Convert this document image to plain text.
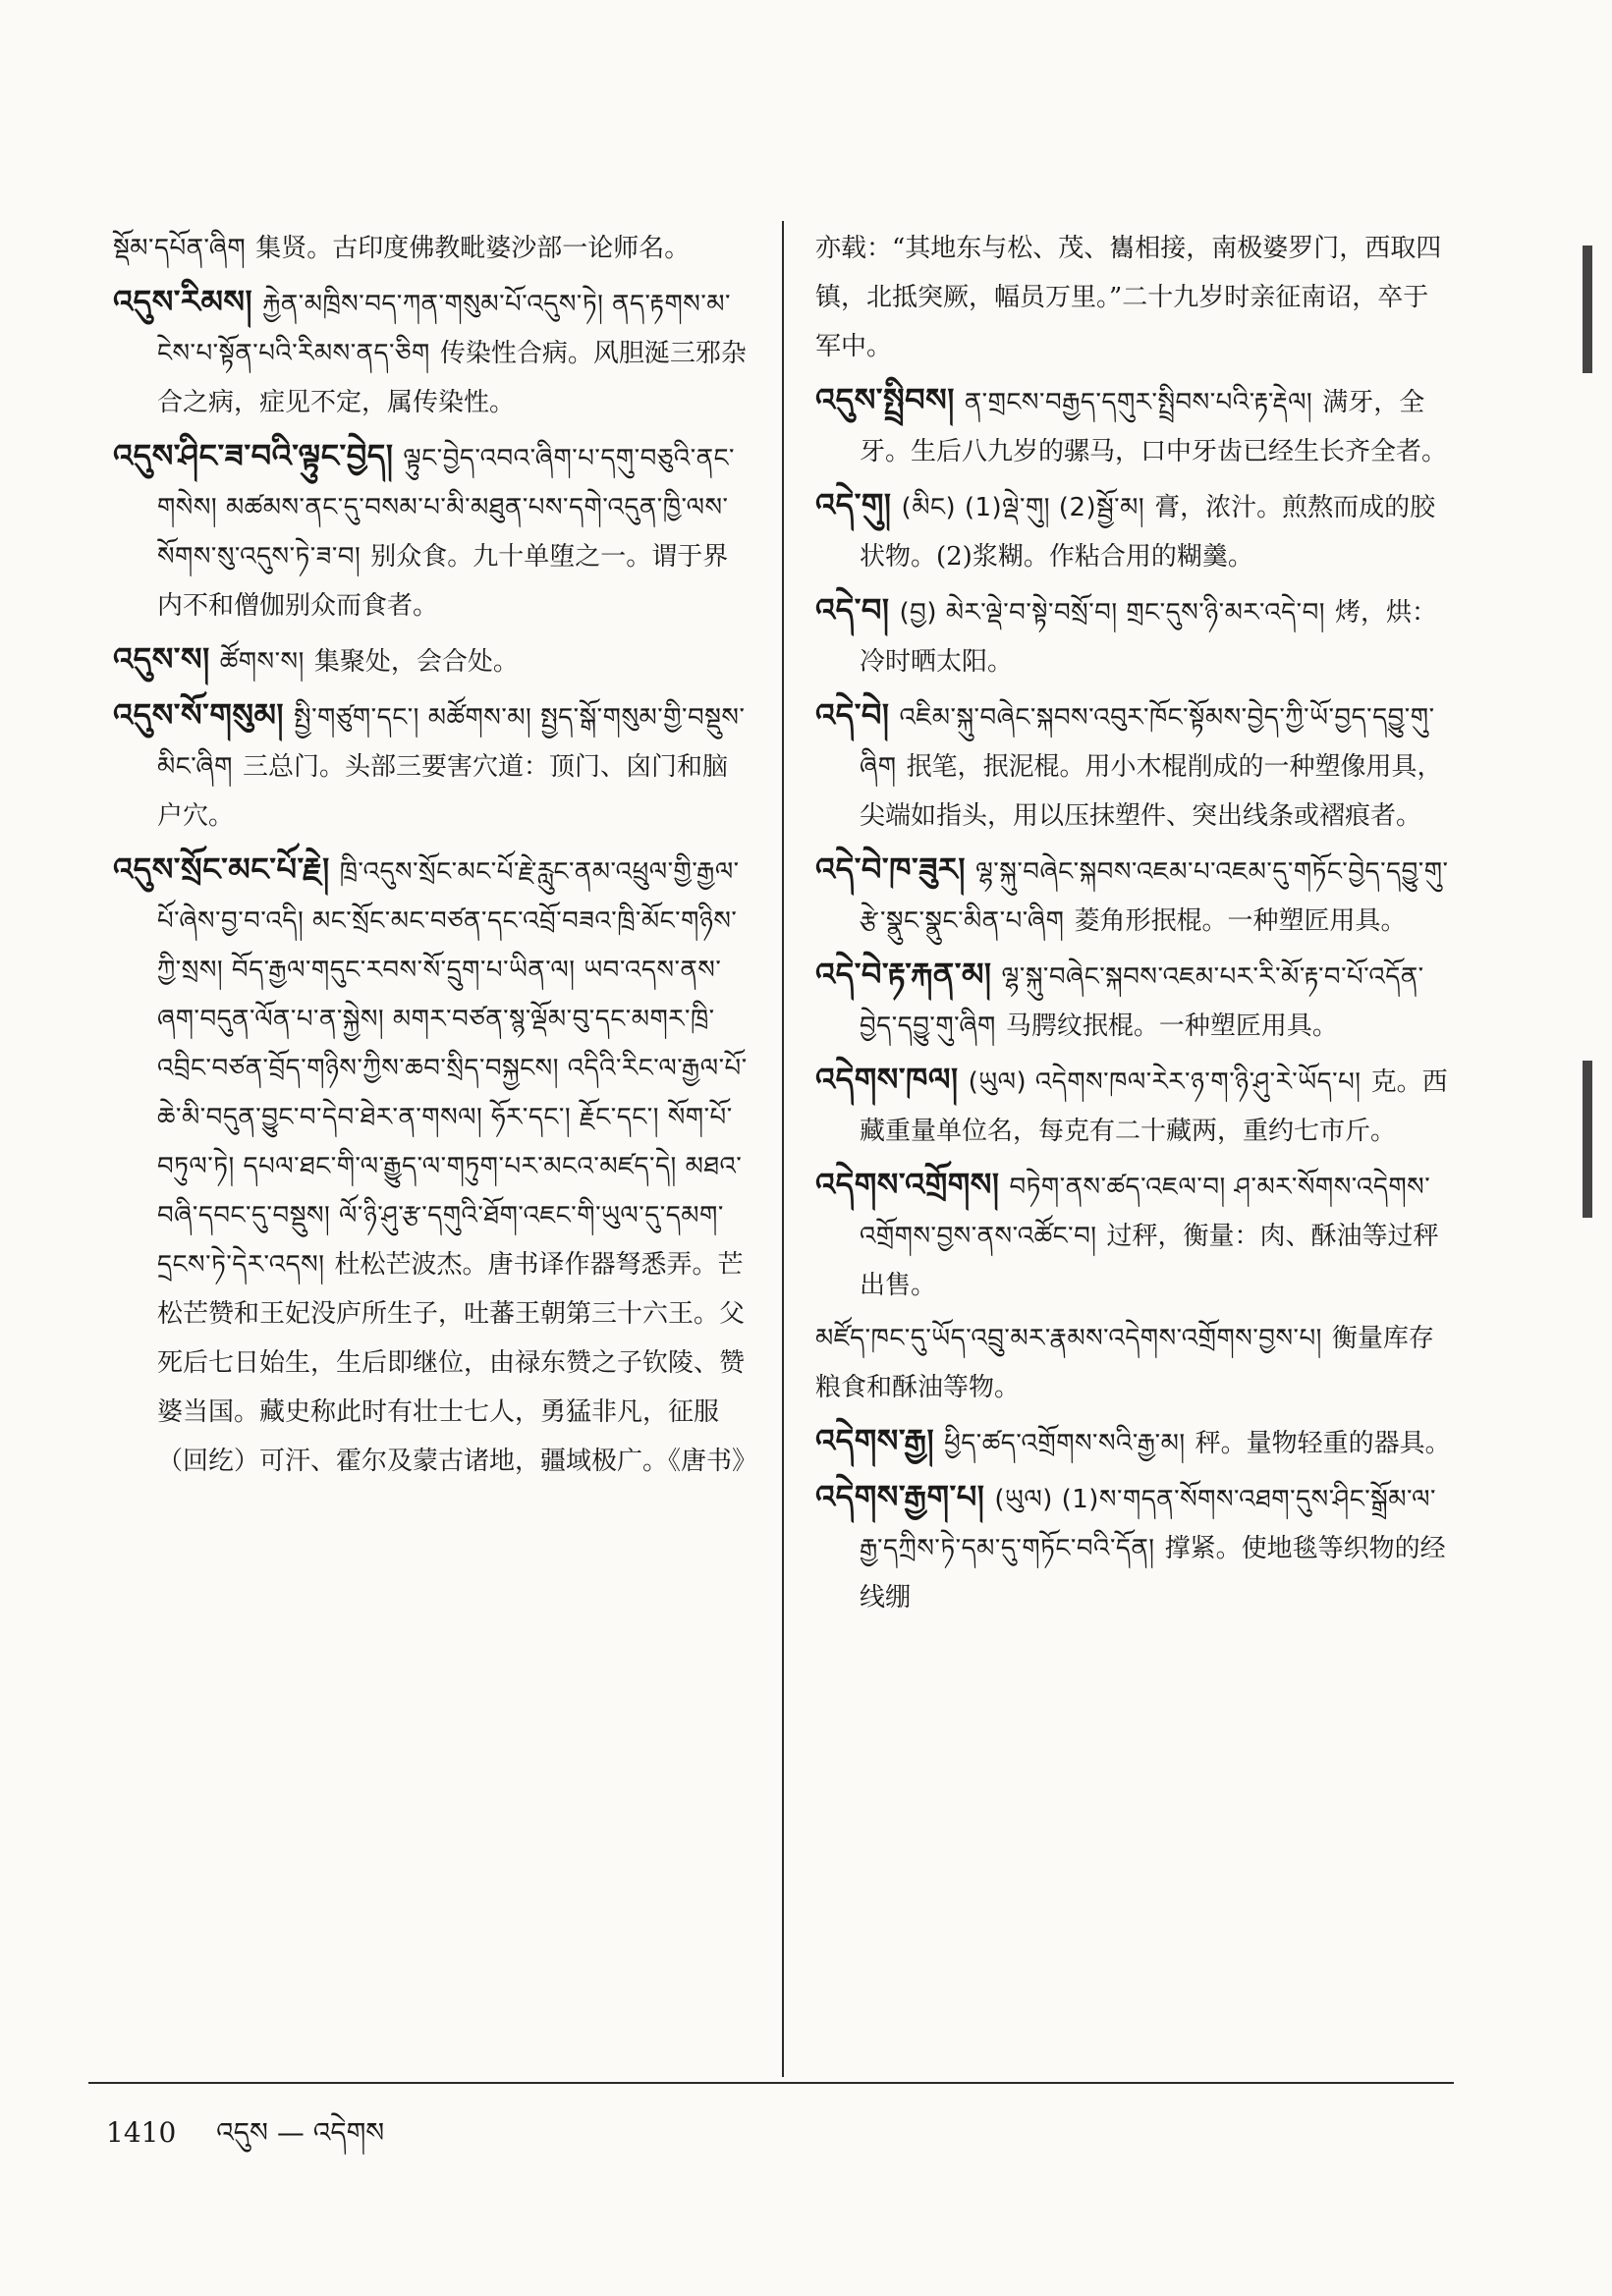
སྡོམ་དཔོན་ཞིག 集贤。古印度佛教毗婆沙部一论师名。

འདུས་རིམས། རྐྱེན་མཁྲིས་བད་ཀན་གསུམ་པོ་འདུས་ཏེ། ནད་རྟགས་མ་ངེས་པ་སྟོན་པའི་རིམས་ནད་ཅིག 传染性合病。风胆涎三邪杂合之病，症见不定，属传染性。

འདུས་ཤིང་ཟ་བའི་ལྟུང་བྱེད། ལྟུང་བྱེད་འབའ་ཞིག་པ་དགུ་བཅུའི་ནང་གསེས། མཚམས་ནང་དུ་བསམ་པ་མི་མཐུན་པས་དགེ་འདུན་ཁྱི་ལས་སོགས་སུ་འདུས་ཏེ་ཟ་བ། 别众食。九十单堕之一。谓于界内不和僧伽别众而食者。

འདུས་ས། ཚོགས་ས། 集聚处，会合处。

འདུས་སོ་གསུམ། སྤྱི་གཙུག་དང་། མཚོགས་མ། སྤྱད་སྒོ་གསུམ་གྱི་བསྡུས་མིང་ཞིག 三总门。头部三要害穴道：顶门、囟门和脑户穴。

འདུས་སྲོང་མང་པོ་རྗེ། ཁྲི་འདུས་སྲོང་མང་པོ་རྗེ་རླུང་ནམ་འཕྲུལ་གྱི་རྒྱལ་པོ་ཞེས་བྱ་བ་འདི། མང་སྲོང་མང་བཙན་དང་འབྲོ་བཟའ་ཁྲི་མོང་གཉིས་ཀྱི་སྲས། བོད་རྒྱལ་གདུང་རབས་སོ་དྲུག་པ་ཡིན་ལ། ཡབ་འདས་ནས་ཞག་བདུན་ལོན་པ་ན་སྐྱེས། མགར་བཙན་སྙ་ལྡོམ་བུ་དང་མགར་ཁྲི་འབྲིང་བཙན་བྲོད་གཉིས་ཀྱིས་ཆབ་སྲིད་བསྐྱངས། འདིའི་རིང་ལ་རྒྱལ་པོ་ཆེ་མི་བདུན་བྱུང་བ་དེབ་ཐེར་ན་གསལ། ཧོར་དང་། རྗོང་དང་། སོག་པོ་བཏུལ་ཏེ། དཔལ་ཐང་གི་ལ་རྒྱུད་ལ་གཏུག་པར་མངའ་མཛད་དེ། མཐའ་བཞི་དབང་དུ་བསྡུས། ལོ་ཉི་ཤུ་རྩ་དགུའི་ཐོག་འཇང་གི་ཡུལ་དུ་དམག་དྲངས་ཏེ་དེར་འདས། 杜松芒波杰。唐书译作器弩悉弄。芒松芒赞和王妃没庐所生子，吐蕃王朝第三十六王。父死后七日始生，生后即继位，由禄东赞之子钦陵、赞婆当国。藏史称此时有壮士七人，勇猛非凡，征服（回纥）可汗、霍尔及蒙古诸地，疆域极广。《唐书》

亦载：“其地东与松、茂、巂相接，南极婆罗门，西取四镇，北抵突厥，幅员万里。”二十九岁时亲征南诏，卒于军中。

འདུས་སྤྲིབས། ན་གྲངས་བརྒྱད་དགུར་སྤྲིབས་པའི་རྟ་རྡེལ། 满牙，全牙。生后八九岁的骡马，口中牙齿已经生长齐全者。

འདེ་གུ། (མིང) (1)ལྡེ་གུ། (2)སྦྱོ་མ། 膏，浓汁。煎熬而成的胶状物。(2)浆糊。作粘合用的糊羹。

འདེ་བ། (བྱ) མེར་ལྡེ་བ་སྟེ་བསྲོ་བ། གྲང་དུས་ཉི་མར་འདེ་བ། 烤，烘：冷时晒太阳。

འདེ་བེ། འཇིམ་སྐུ་བཞེང་སྐབས་འབུར་ཁོང་སྟོམས་བྱེད་ཀྱི་ཡོ་བྱད་དབྱུ་གུ་ཞིག 抿笔，抿泥棍。用小木棍削成的一种塑像用具，尖端如指头，用以压抹塑件、突出线条或褶痕者。

འདེ་བེ་ཁ་ཟུར། ལྷ་སྐུ་བཞེང་སྐབས་འཇམ་པ་འཇམ་དུ་གཏོང་བྱེད་དབྱུ་གུ་རྩེ་སྣུང་སྣུང་མིན་པ་ཞིག 菱角形抿棍。一种塑匠用具。

འདེ་བེ་རྟ་རྐན་མ། ལྷ་སྐུ་བཞེང་སྐབས་འཇམ་པར་རི་མོ་རྟ་བ་པོ་འདོན་བྱེད་དབྱུ་གུ་ཞིག 马腭纹抿棍。一种塑匠用具。

འདེགས་ཁལ། (ཡུལ) འདེགས་ཁལ་རེར་ཉ་ག་ཉི་ཤུ་རེ་ཡོད་པ། 克。西藏重量单位名，每克有二十藏两，重约七市斤。

འདེགས་འགྲོགས། བཏེག་ནས་ཚད་འཇལ་བ། ཤ་མར་སོགས་འདེགས་འགྲོགས་བྱས་ནས་འཚོང་བ། 过秤，衡量：肉、酥油等过秤出售。

མཛོད་ཁང་དུ་ཡོད་འབྲུ་མར་རྣམས་འདེགས་འགྲོགས་བྱས་པ། 衡量库存粮食和酥油等物。

འདེགས་རྒྱ། ཕྱིད་ཚད་འགྲོགས་སའི་རྒྱ་མ། 秤。量物轻重的器具。

འདེགས་རྒྱག་པ། (ཡུལ) (1)ས་གདན་སོགས་འཐག་དུས་ཤིང་སྒྲོམ་ལ་རྒྱ་དཀྲིས་ཏེ་དམ་དུ་གཏོང་བའི་དོན། 撑紧。使地毯等织物的经线绷

1410 འདུས — འདེགས
